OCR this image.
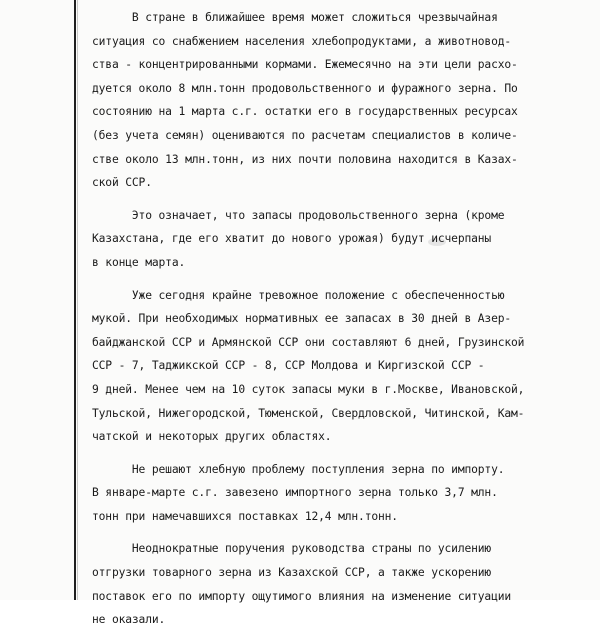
В стране в ближайшее время может сложиться чрезвычайная
ситуация со снабжением населения хлебопродуктами, а животновод-
ства - концентрированными кормами. Ежемесячно на эти цели расхо-
дуется около 8 млн.тонн продовольственного и фуражного зерна. По
состоянию на 1 марта с.г. остатки его в государственных ресурсах
(без учета семян) оцениваются по расчетам специалистов в количе-
стве около 13 млн.тонн, из них почти половина находится в Казах-
ской ССР.
Это означает, что запасы продовольственного зерна (кроме
Казахстана, где его хватит до нового урожая) будут исчерпаны
в конце марта.
Уже сегодня крайне тревожное положение с обеспеченностью
мукой. При необходимых нормативных ее запасах в 30 дней в Азер-
байджанской ССР и Армянской ССР они составляют 6 дней, Грузинской
ССР - 7, Таджикской ССР - 8, ССР Молдова и Киргизской ССР -
9 дней. Менее чем на 10 суток запасы муки в г.Москве, Ивановской,
Тульской, Нижегородской, Тюменской, Свердловской, Читинской, Кам-
чатской и некоторых других областях.
Не решают хлебную проблему поступления зерна по импорту.
В январе-марте с.г. завезено импортного зерна только 3,7 млн.
тонн при намечавшихся поставках 12,4 млн.тонн.
Неоднократные поручения руководства страны по усилению
отгрузки товарного зерна из Казахской ССР, а также ускорению
поставок его по импорту ощутимого влияния на изменение ситуации
не оказали.
